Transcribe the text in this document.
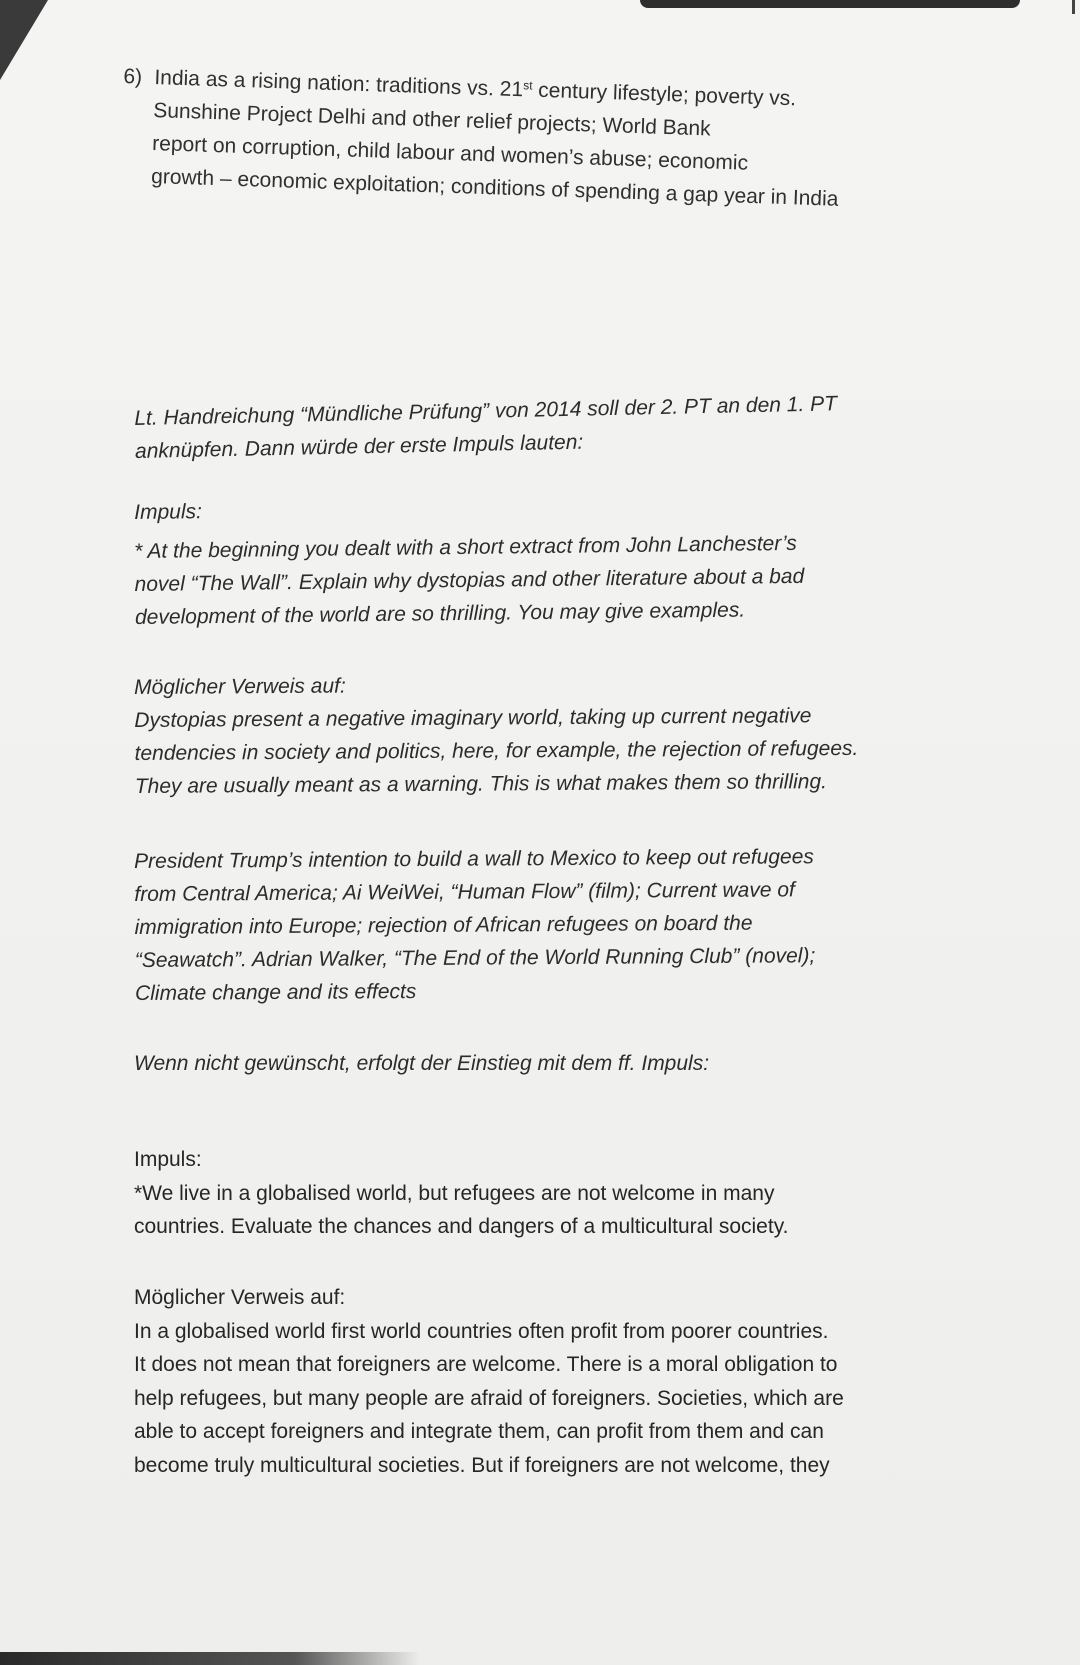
6) India as a rising nation: traditions vs. 21st century lifestyle; poverty vs.
Sunshine Project Delhi and other relief projects; World Bank
report on corruption, child labour and women’s abuse; economic
growth – economic exploitation; conditions of spending a gap year in India

Lt. Handreichung “Mündliche Prüfung” von 2014 soll der 2. PT an den 1. PT

anknüpfen. Dann würde der erste Impuls lauten:

Impuls:

* At the beginning you dealt with a short extract from John Lanchester’s

novel “The Wall”. Explain why dystopias and other literature about a bad

development of the world are so thrilling. You may give examples.

Möglicher Verweis auf:

Dystopias present a negative imaginary world, taking up current negative

tendencies in society and politics, here, for example, the rejection of refugees.

They are usually meant as a warning. This is what makes them so thrilling.

President Trump’s intention to build a wall to Mexico to keep out refugees

from Central America; Ai WeiWei, “Human Flow” (film); Current wave of

immigration into Europe; rejection of African refugees on board the

“Seawatch”. Adrian Walker, “The End of the World Running Club” (novel);

Climate change and its effects

Wenn nicht gewünscht, erfolgt der Einstieg mit dem ff. Impuls:

Impuls:

*We live in a globalised world, but refugees are not welcome in many

countries. Evaluate the chances and dangers of a multicultural society.

Möglicher Verweis auf:

In a globalised world first world countries often profit from poorer countries.

It does not mean that foreigners are welcome. There is a moral obligation to

help refugees, but many people are afraid of foreigners. Societies, which are

able to accept foreigners and integrate them, can profit from them and can

become truly multicultural societies. But if foreigners are not welcome, they
